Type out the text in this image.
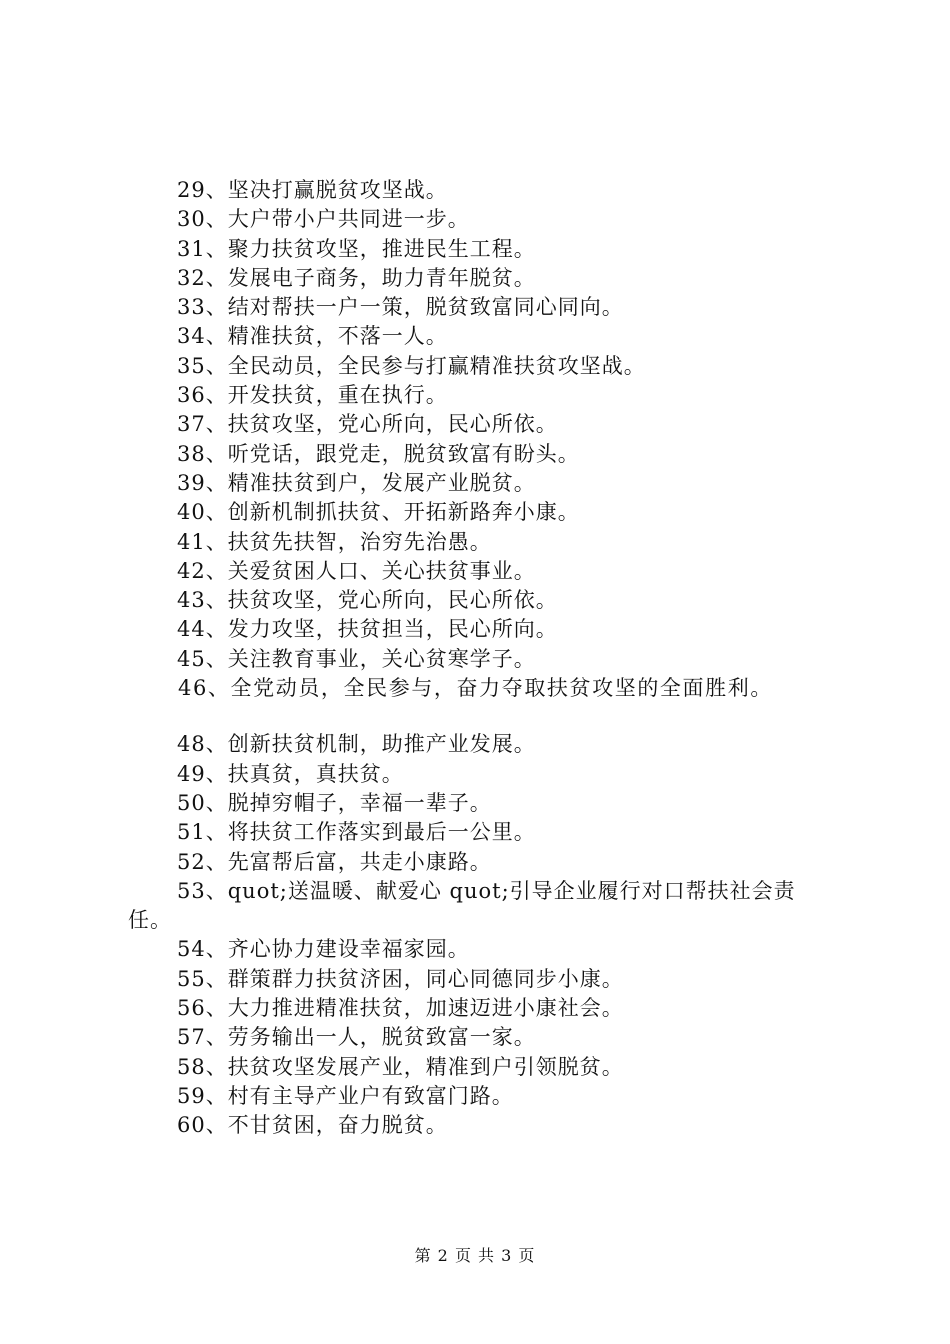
29、坚决打赢脱贫攻坚战。
30、大户带小户共同进一步。
31、聚力扶贫攻坚，推进民生工程。
32、发展电子商务，助力青年脱贫。
33、结对帮扶一户一策，脱贫致富同心同向。
34、精准扶贫，不落一人。
35、全民动员，全民参与打赢精准扶贫攻坚战。
36、开发扶贫，重在执行。
37、扶贫攻坚，党心所向，民心所依。
38、听党话，跟党走，脱贫致富有盼头。
39、精准扶贫到户，发展产业脱贫。
40、创新机制抓扶贫、开拓新路奔小康。
41、扶贫先扶智，治穷先治愚。
42、关爱贫困人口、关心扶贫事业。
43、扶贫攻坚，党心所向，民心所依。
44、发力攻坚，扶贫担当，民心所向。
45、关注教育事业，关心贫寒学子。
46、全党动员，全民参与，奋力夺取扶贫攻坚的全面胜利。
48、创新扶贫机制，助推产业发展。
49、扶真贫，真扶贫。
50、脱掉穷帽子，幸福一辈子。
51、将扶贫工作落实到最后一公里。
52、先富帮后富，共走小康路。
53、quot;送温暖、献爱心 quot;引导企业履行对口帮扶社会责任。
54、齐心协力建设幸福家园。
55、群策群力扶贫济困，同心同德同步小康。
56、大力推进精准扶贫，加速迈进小康社会。
57、劳务输出一人，脱贫致富一家。
58、扶贫攻坚发展产业，精准到户引领脱贫。
59、村有主导产业户有致富门路。
60、不甘贫困，奋力脱贫。
第 2 页 共 3 页
